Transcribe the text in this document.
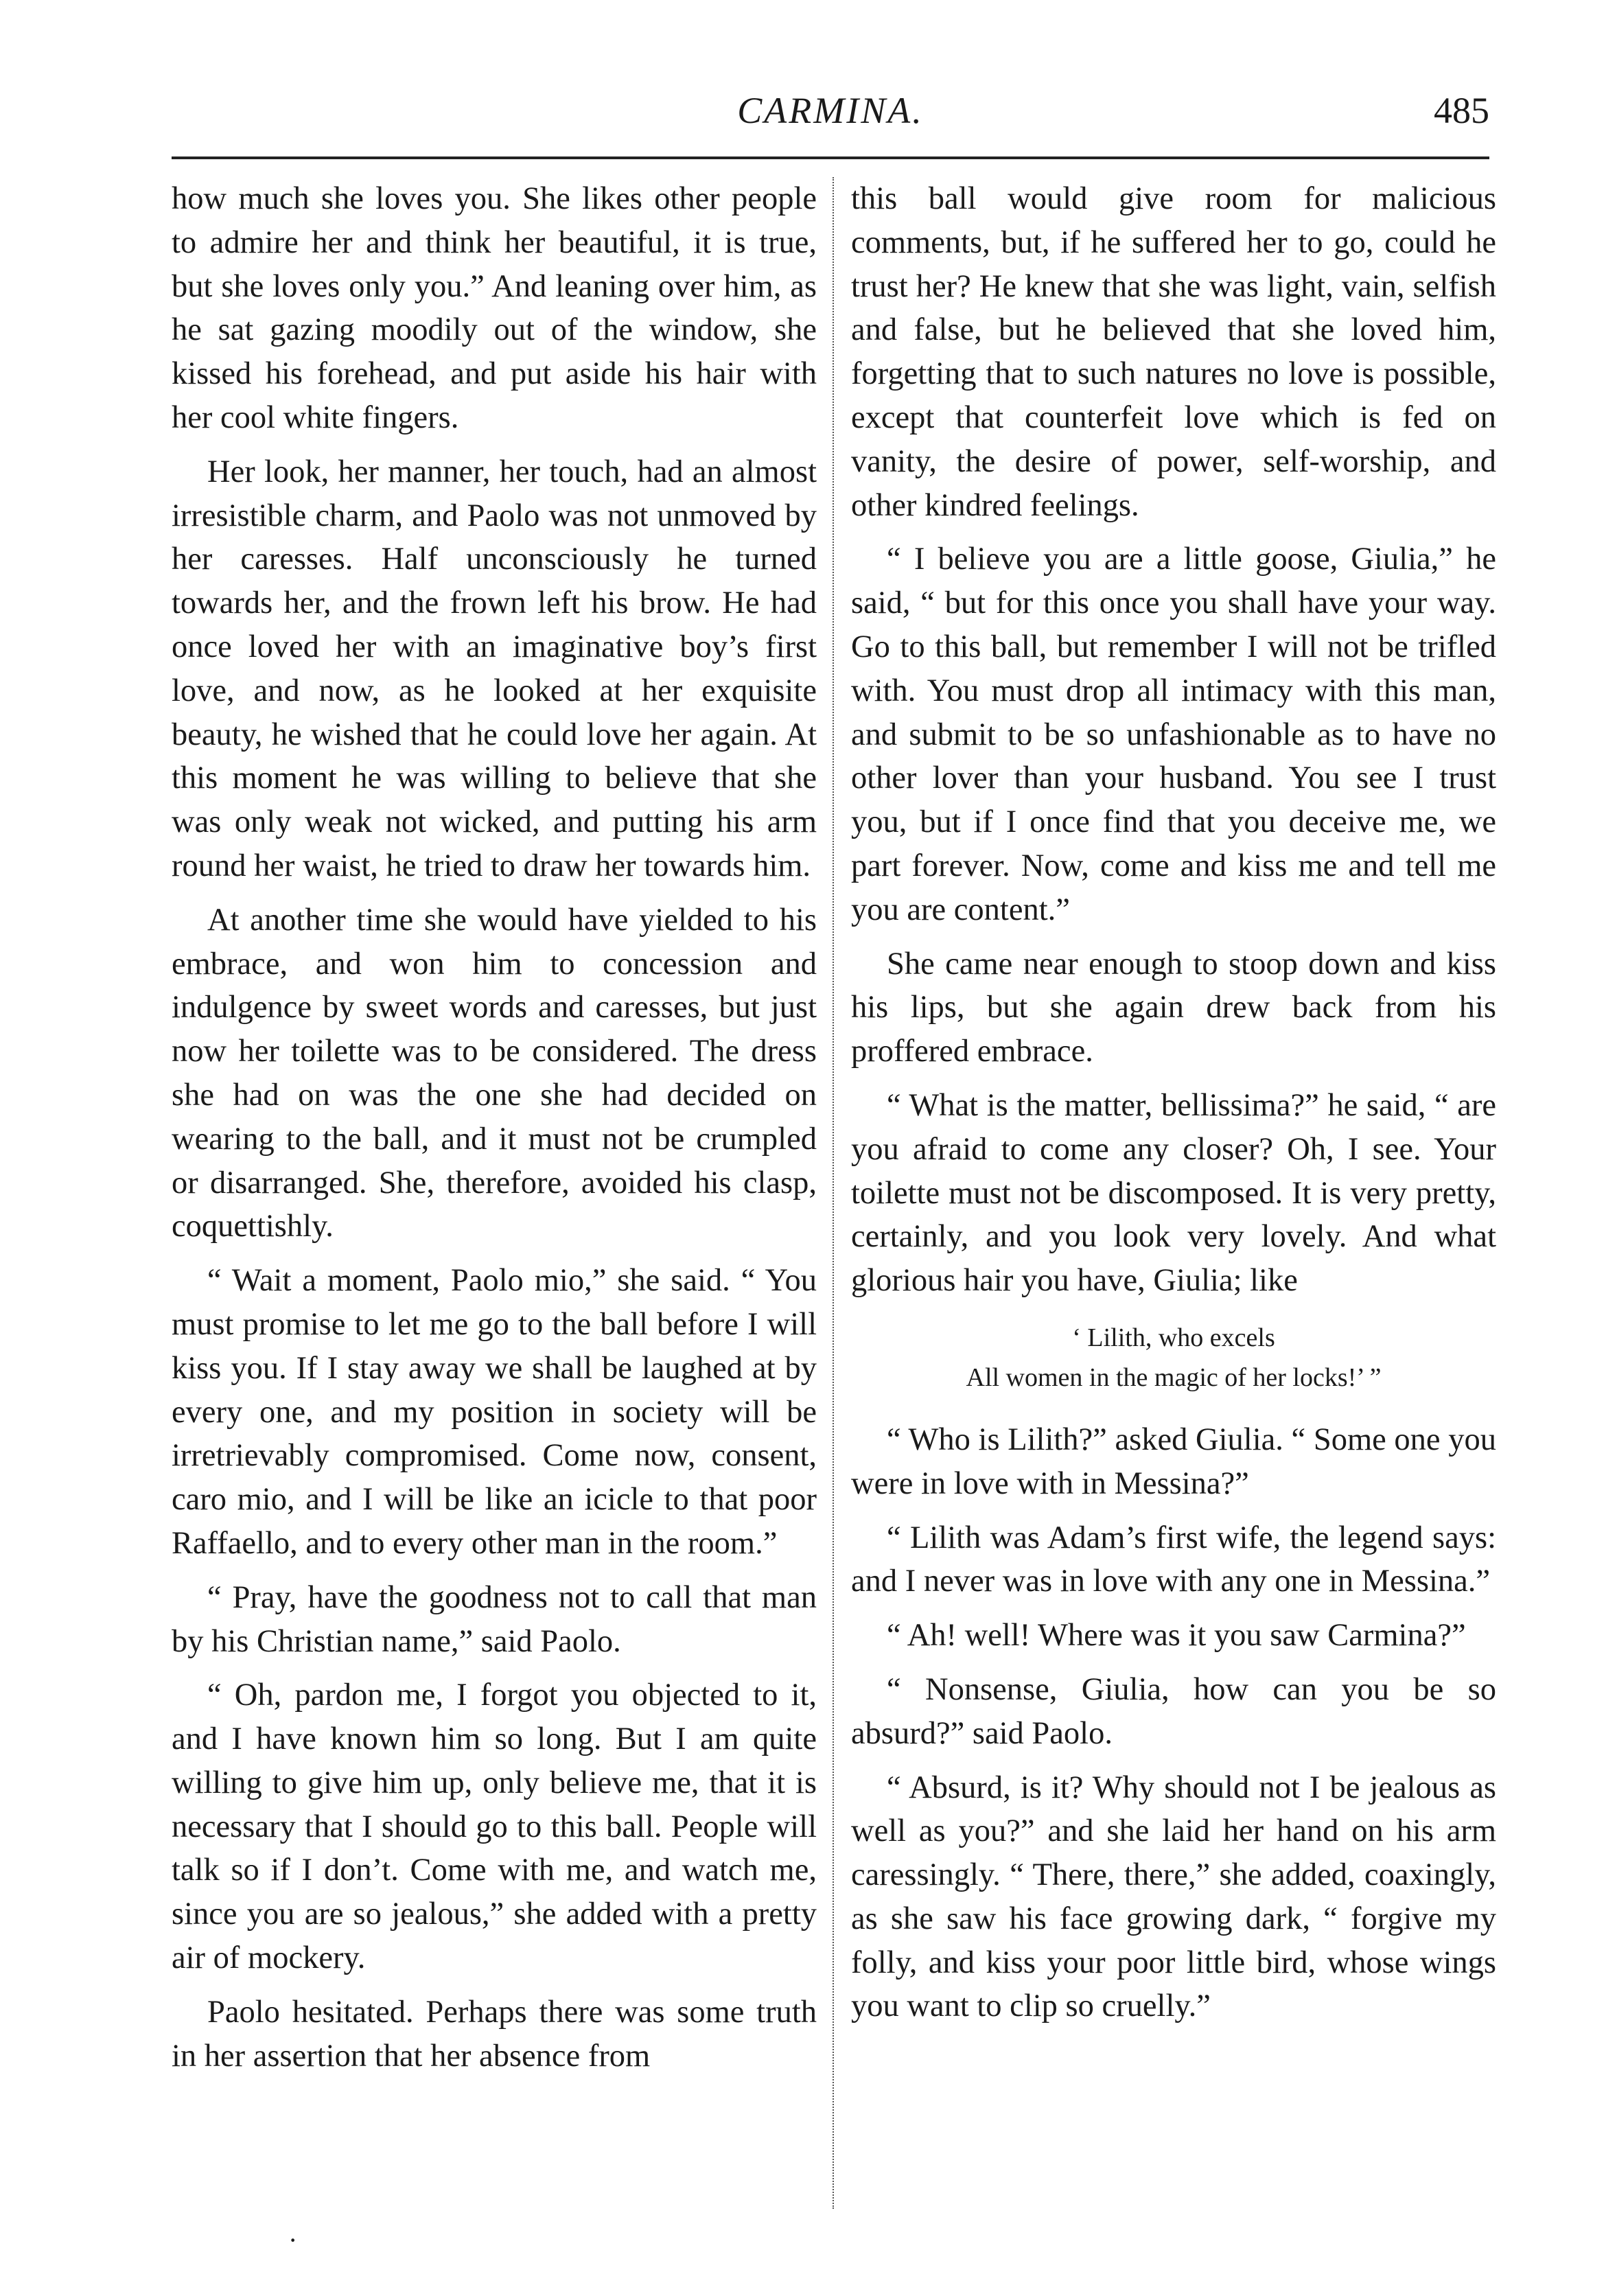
CARMINA.	485

how much she loves you. She likes other people to admire her and think her beautiful, it is true, but she loves only you.” And leaning over him, as he sat gazing moodily out of the window, she kissed his forehead, and put aside his hair with her cool white fingers.

Her look, her manner, her touch, had an almost irresistible charm, and Paolo was not unmoved by her caresses. Half unconsciously he turned towards her, and the frown left his brow. He had once loved her with an imaginative boy’s first love, and now, as he looked at her exquisite beauty, he wished that he could love her again. At this moment he was willing to believe that she was only weak not wicked, and putting his arm round her waist, he tried to draw her towards him.

At another time she would have yielded to his embrace, and won him to concession and indulgence by sweet words and caresses, but just now her toilette was to be considered. The dress she had on was the one she had decided on wearing to the ball, and it must not be crumpled or disarranged. She, therefore, avoided his clasp, coquettishly.

“ Wait a moment, Paolo mio,” she said. “ You must promise to let me go to the ball before I will kiss you. If I stay away we shall be laughed at by every one, and my position in society will be irretrievably compromised. Come now, consent, caro mio, and I will be like an icicle to that poor Raffaello, and to every other man in the room.”

“ Pray, have the goodness not to call that man by his Christian name,” said Paolo.

“ Oh, pardon me, I forgot you objected to it, and I have known him so long. But I am quite willing to give him up, only believe me, that it is necessary that I should go to this ball. People will talk so if I don’t. Come with me, and watch me, since you are so jealous,” she added with a pretty air of mockery.

Paolo hesitated. Perhaps there was some truth in her assertion that her absence from

this ball would give room for malicious comments, but, if he suffered her to go, could he trust her? He knew that she was light, vain, selfish and false, but he believed that she loved him, forgetting that to such natures no love is possible, except that counterfeit love which is fed on vanity, the desire of power, self-worship, and other kindred feelings.

“ I believe you are a little goose, Giulia,” he said, “ but for this once you shall have your way. Go to this ball, but remember I will not be trifled with. You must drop all intimacy with this man, and submit to be so unfashionable as to have no other lover than your husband. You see I trust you, but if I once find that you deceive me, we part forever. Now, come and kiss me and tell me you are content.”

She came near enough to stoop down and kiss his lips, but she again drew back from his proffered embrace.

“ What is the matter, bellissima?” he said, “ are you afraid to come any closer? Oh, I see. Your toilette must not be discomposed. It is very pretty, certainly, and you look very lovely. And what glorious hair you have, Giulia; like

‘ Lilith, who excels
All women in the magic of her locks!’ ”

“ Who is Lilith?” asked Giulia. “ Some one you were in love with in Messina?”

“ Lilith was Adam’s first wife, the legend says: and I never was in love with any one in Messina.”

“ Ah! well! Where was it you saw Carmina?”

“ Nonsense, Giulia, how can you be so absurd?” said Paolo.

“ Absurd, is it? Why should not I be jealous as well as you?” and she laid her hand on his arm caressingly. “ There, there,” she added, coaxingly, as she saw his face growing dark, “ forgive my folly, and kiss your poor little bird, whose wings you want to clip so cruelly.”

·
